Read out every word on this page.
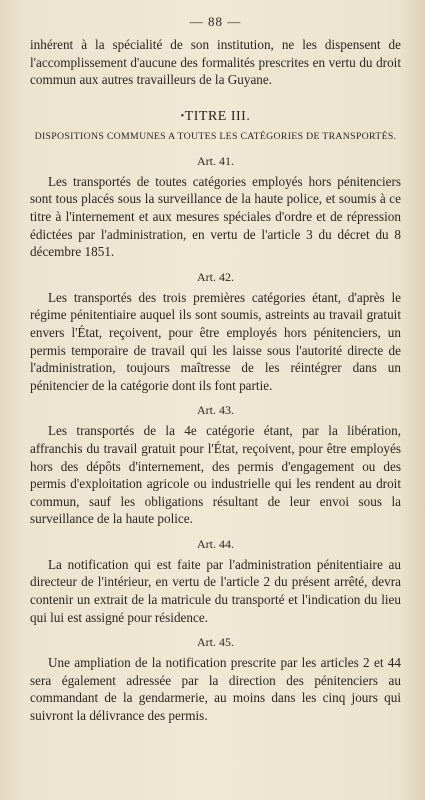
— 88 —

inhérent à la spécialité de son institution, ne les dispensent de l'accomplissement d'aucune des formalités prescrites en vertu du droit commun aux autres travailleurs de la Guyane.

•TITRE III.
DISPOSITIONS COMMUNES A TOUTES LES CATÉGORIES DE TRANSPORTÉS.
Art. 41.

Les transportés de toutes catégories employés hors pénitenciers sont tous placés sous la surveillance de la haute police, et soumis à ce titre à l'internement et aux mesures spéciales d'ordre et de répression édictées par l'administration, en vertu de l'article 3 du décret du 8 décembre 1851.

Art. 42.

Les transportés des trois premières catégories étant, d'après le régime pénitentiaire auquel ils sont soumis, astreints au travail gratuit envers l'État, reçoivent, pour être employés hors pénitenciers, un permis temporaire de travail qui les laisse sous l'autorité directe de l'administration, toujours maîtresse de les réintégrer dans un pénitencier de la catégorie dont ils font partie.

Art. 43.

Les transportés de la 4e catégorie étant, par la libération, affranchis du travail gratuit pour l'État, reçoivent, pour être employés hors des dépôts d'internement, des permis d'engagement ou des permis d'exploitation agricole ou industrielle qui les rendent au droit commun, sauf les obligations résultant de leur envoi sous la surveillance de la haute police.

Art. 44.

La notification qui est faite par l'administration pénitentiaire au directeur de l'intérieur, en vertu de l'article 2 du présent arrêté, devra contenir un extrait de la matricule du transporté et l'indication du lieu qui lui est assigné pour résidence.

Art. 45.

Une ampliation de la notification prescrite par les articles 2 et 44 sera également adressée par la direction des pénitenciers au commandant de la gendarmerie, au moins dans les cinq jours qui suivront la délivrance des permis.
